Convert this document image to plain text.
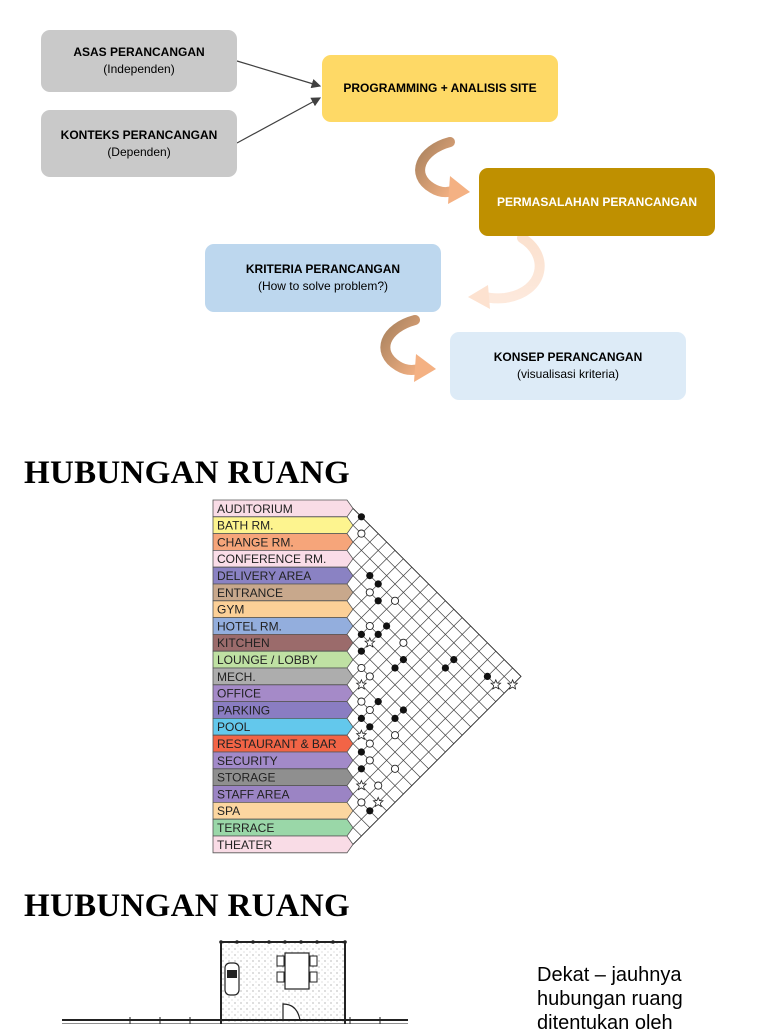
ASAS PERANCANGAN
(Independen)
KONTEKS PERANCANGAN
(Dependen)
PROGRAMMING + ANALISIS SITE
PERMASALAHAN PERANCANGAN
KRITERIA PERANCANGAN
(How to solve problem?)
KONSEP PERANCANGAN
(visualisasi kriteria)
HUBUNGAN RUANG
AUDITORIUM
BATH RM.
CHANGE RM.
CONFERENCE RM.
DELIVERY AREA
ENTRANCE
GYM
HOTEL RM.
KITCHEN
LOUNGE / LOBBY
MECH.
OFFICE
PARKING
POOL
RESTAURANT & BAR
SECURITY
STORAGE
STAFF AREA
SPA
TERRACE
THEATER
HUBUNGAN RUANG
Dekat – jauhnya hubungan ruang ditentukan oleh
